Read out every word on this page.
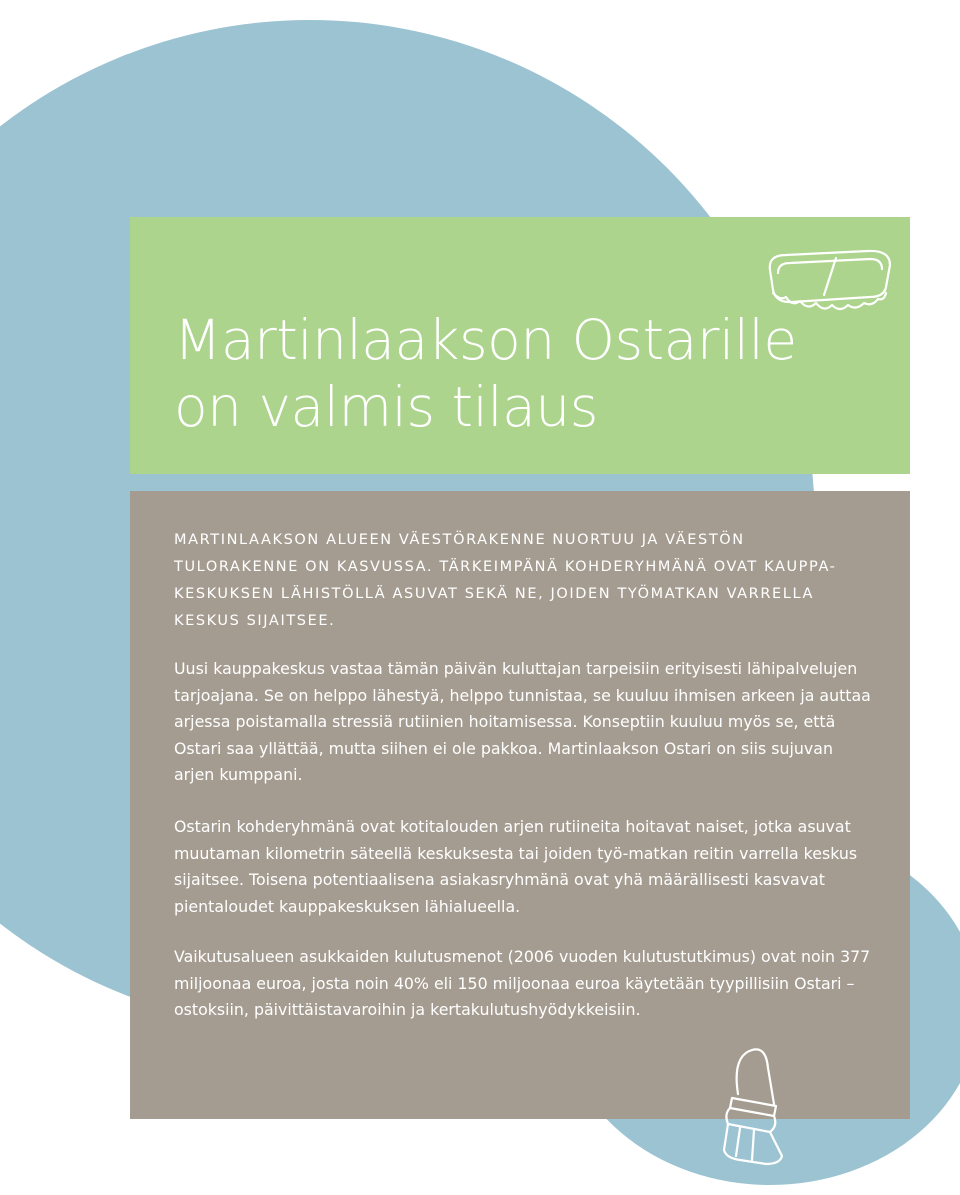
Martinlaakson Ostarille
on valmis tilaus

MARTINLAAKSON ALUEEN VÄESTÖRAKENNE NUORTUU JA VÄESTÖN TULORAKENNE ON KASVUSSA. TÄRKEIMPÄNÄ KOHDERYHMÄNÄ OVAT KAUPPA-KESKUKSEN LÄHISTÖLLÄ ASUVAT SEKÄ NE, JOIDEN TYÖMATKAN VARRELLA KESKUS SIJAITSEE.

Uusi kauppakeskus vastaa tämän päivän kuluttajan tarpeisiin erityisesti lähipalvelujen tarjoajana. Se on helppo lähestyä, helppo tunnistaa, se kuuluu ihmisen arkeen ja auttaa arjessa poistamalla stressiä rutiinien hoitamisessa. Konseptiin kuuluu myös se, että Ostari saa yllättää, mutta siihen ei ole pakkoa. Martinlaakson Ostari on siis sujuvan arjen kumppani.

Ostarin kohderyhmänä ovat kotitalouden arjen rutiineita hoitavat naiset, jotka asuvat muutaman kilometrin säteellä keskuksesta tai joiden työ-matkan reitin varrella keskus sijaitsee. Toisena potentiaalisena asiakasryhmänä ovat yhä määrällisesti kasvavat pientaloudet kauppakeskuksen lähialueella.

Vaikutusalueen asukkaiden kulutusmenot (2006 vuoden kulutustutkimus) ovat noin 377 miljoonaa euroa, josta noin 40% eli 150 miljoonaa euroa käytetään tyypillisiin Ostari –ostoksiin, päivittäistavaroihin ja kertakulutushyödykkeisiin.
